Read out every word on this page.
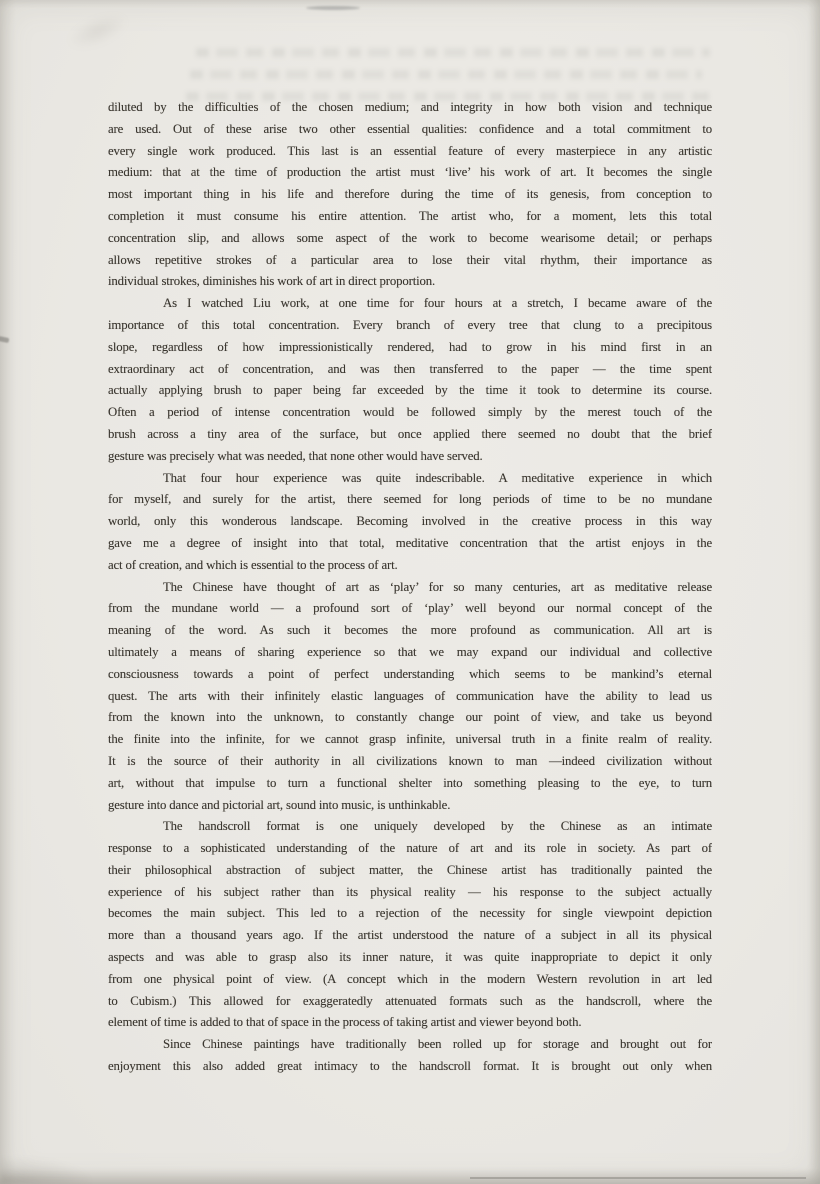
diluted by the difficulties of the chosen medium; and integrity in how both vision and technique
are used. Out of these arise two other essential qualities: confidence and a total commitment to
every single work produced. This last is an essential feature of every masterpiece in any artistic
medium: that at the time of production the artist must ‘live’ his work of art. It becomes the single
most important thing in his life and therefore during the time of its genesis, from conception to
completion it must consume his entire attention. The artist who, for a moment, lets this total
concentration slip, and allows some aspect of the work to become wearisome detail; or perhaps
allows repetitive strokes of a particular area to lose their vital rhythm, their importance as
individual strokes, diminishes his work of art in direct proportion.
As I watched Liu work, at one time for four hours at a stretch, I became aware of the
importance of this total concentration. Every branch of every tree that clung to a precipitous
slope, regardless of how impressionistically rendered, had to grow in his mind first in an
extraordinary act of concentration, and was then transferred to the paper — the time spent
actually applying brush to paper being far exceeded by the time it took to determine its course.
Often a period of intense concentration would be followed simply by the merest touch of the
brush across a tiny area of the surface, but once applied there seemed no doubt that the brief
gesture was precisely what was needed, that none other would have served.
That four hour experience was quite indescribable. A meditative experience in which
for myself, and surely for the artist, there seemed for long periods of time to be no mundane
world, only this wonderous landscape. Becoming involved in the creative process in this way
gave me a degree of insight into that total, meditative concentration that the artist enjoys in the
act of creation, and which is essential to the process of art.
The Chinese have thought of art as ‘play’ for so many centuries, art as meditative release
from the mundane world — a profound sort of ‘play’ well beyond our normal concept of the
meaning of the word. As such it becomes the more profound as communication. All art is
ultimately a means of sharing experience so that we may expand our individual and collective
consciousness towards a point of perfect understanding which seems to be mankind’s eternal
quest. The arts with their infinitely elastic languages of communication have the ability to lead us
from the known into the unknown, to constantly change our point of view, and take us beyond
the finite into the infinite, for we cannot grasp infinite, universal truth in a finite realm of reality.
It is the source of their authority in all civilizations known to man —indeed civilization without
art, without that impulse to turn a functional shelter into something pleasing to the eye, to turn
gesture into dance and pictorial art, sound into music, is unthinkable.
The handscroll format is one uniquely developed by the Chinese as an intimate
response to a sophisticated understanding of the nature of art and its role in society. As part of
their philosophical abstraction of subject matter, the Chinese artist has traditionally painted the
experience of his subject rather than its physical reality — his response to the subject actually
becomes the main subject. This led to a rejection of the necessity for single viewpoint depiction
more than a thousand years ago. If the artist understood the nature of a subject in all its physical
aspects and was able to grasp also its inner nature, it was quite inappropriate to depict it only
from one physical point of view. (A concept which in the modern Western revolution in art led
to Cubism.) This allowed for exaggeratedly attenuated formats such as the handscroll, where the
element of time is added to that of space in the process of taking artist and viewer beyond both.
Since Chinese paintings have traditionally been rolled up for storage and brought out for
enjoyment this also added great intimacy to the handscroll format. It is brought out only when
